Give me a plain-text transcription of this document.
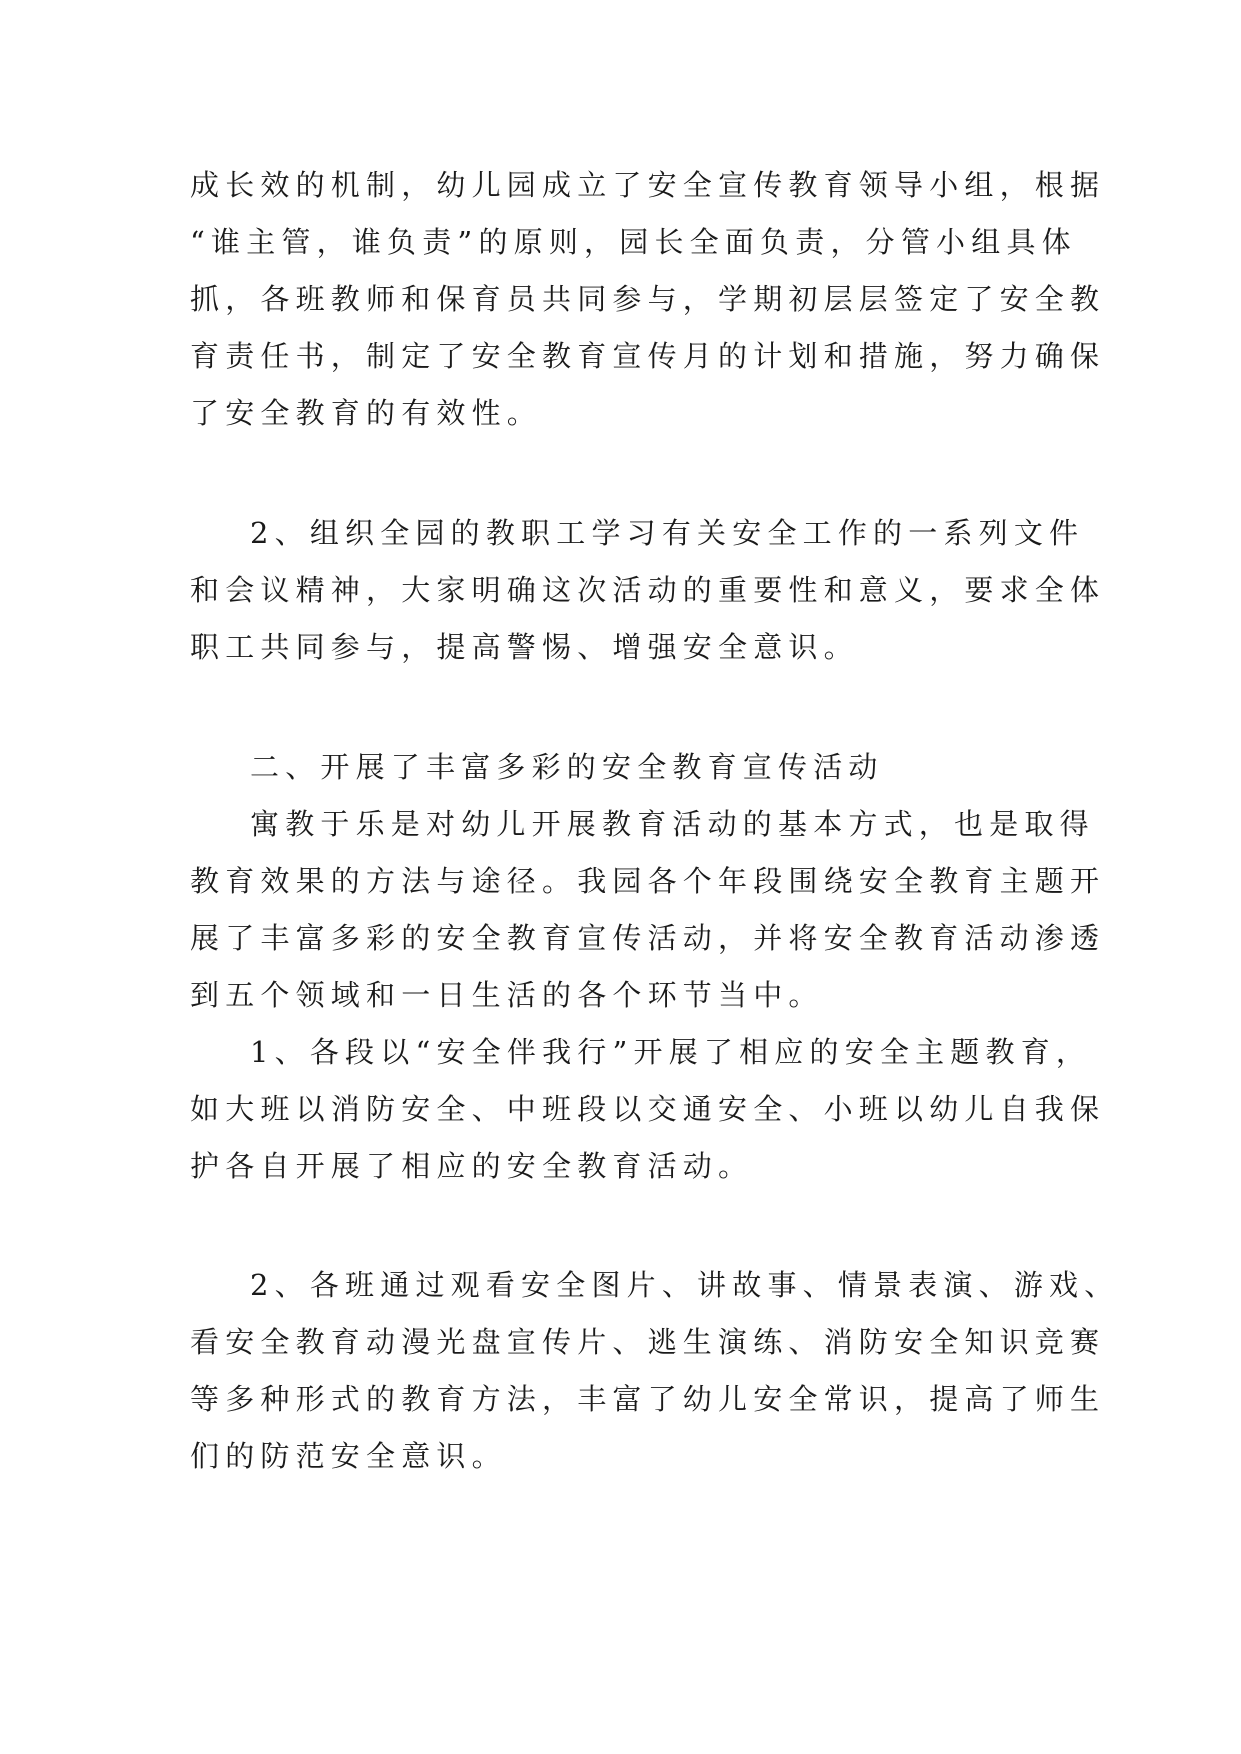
成长效的机制，幼儿园成立了安全宣传教育领导小组，根据
“谁主管，谁负责”的原则，园长全面负责，分管小组具体
抓，各班教师和保育员共同参与，学期初层层签定了安全教
育责任书，制定了安全教育宣传月的计划和措施，努力确保
了安全教育的有效性。
2、组织全园的教职工学习有关安全工作的一系列文件
和会议精神，大家明确这次活动的重要性和意义，要求全体
职工共同参与，提高警惕、增强安全意识。
二、开展了丰富多彩的安全教育宣传活动
寓教于乐是对幼儿开展教育活动的基本方式，也是取得
教育效果的方法与途径。我园各个年段围绕安全教育主题开
展了丰富多彩的安全教育宣传活动，并将安全教育活动渗透
到五个领域和一日生活的各个环节当中。
1、各段以“安全伴我行”开展了相应的安全主题教育，
如大班以消防安全、中班段以交通安全、小班以幼儿自我保
护各自开展了相应的安全教育活动。
2、各班通过观看安全图片、讲故事、情景表演、游戏、
看安全教育动漫光盘宣传片、逃生演练、消防安全知识竞赛
等多种形式的教育方法，丰富了幼儿安全常识，提高了师生
们的防范安全意识。
